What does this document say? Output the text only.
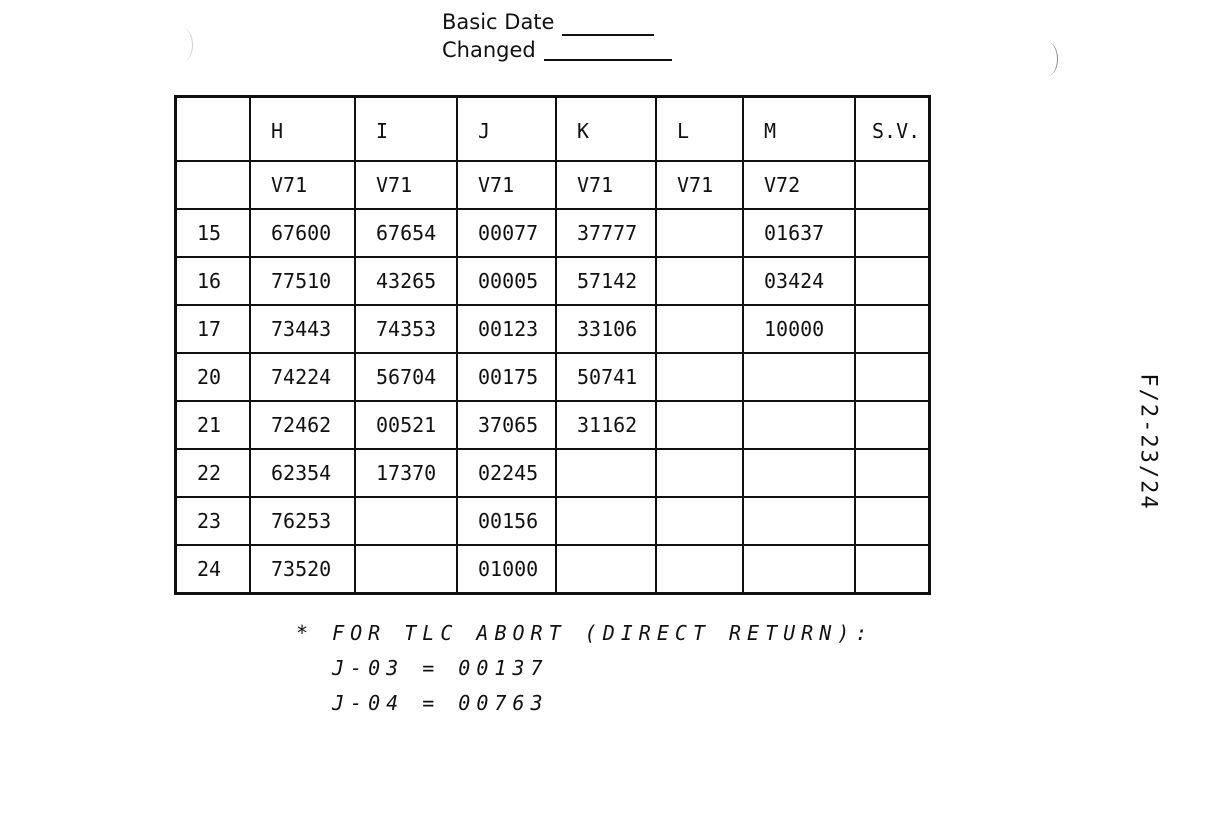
Basic Date
Changed
	H	I	J	K	L	M	S.V.
	V71	V71	V71	V71	V71	V72	
15	67600	67654	00077	37777		01637	
16	77510	43265	00005	57142		03424	
17	73443	74353	00123	33106		10000	
20	74224	56704	00175	50741			
21	72462	00521	37065	31162			
22	62354	17370	02245				
23	76253		00156				
24	73520		01000				
* FOR TLC ABORT (DIRECT RETURN):
J-03 = 00137
J-04 = 00763
F/2-23/24
